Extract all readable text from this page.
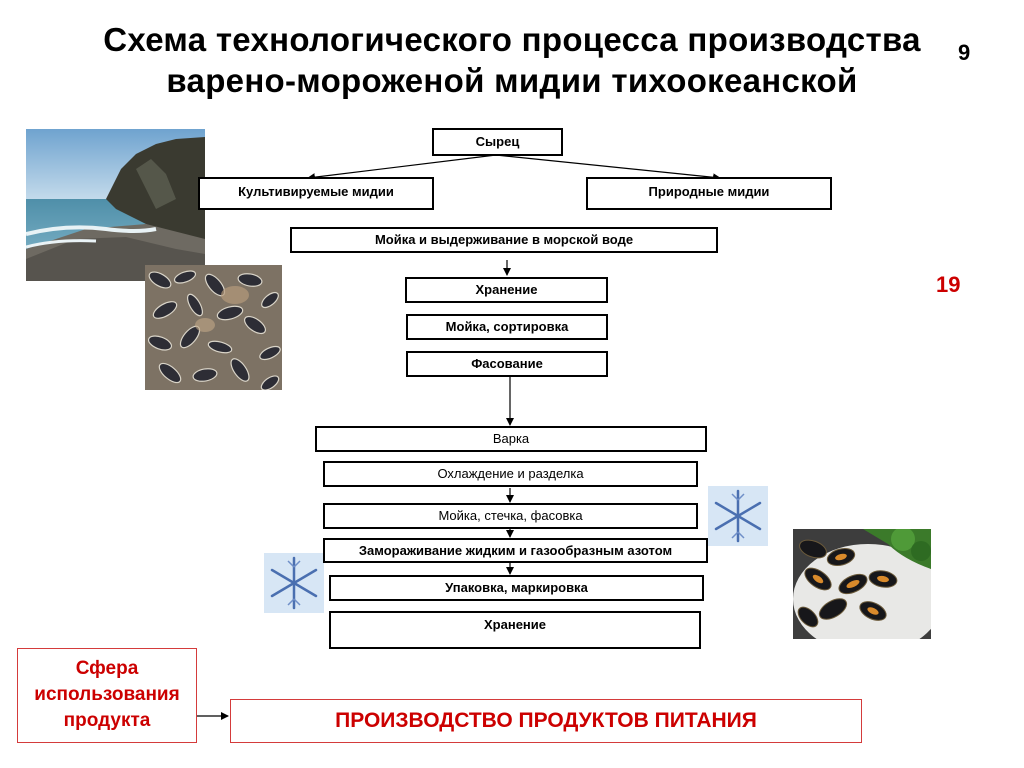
Схема технологического процесса производства
варено-мороженой мидии тихоокеанской
9
19
Сырец
Культивируемые мидии	Природные мидии
Мойка и выдерживание в морской воде
Хранение
Мойка, сортировка
Фасование
Варка
Охлаждение и разделка
Мойка, стечка, фасовка
Замораживание жидким и газообразным азотом
Упаковка, маркировка
Хранение
Сфера использования продукта	ПРОИЗВОДСТВО ПРОДУКТОВ ПИТАНИЯ
